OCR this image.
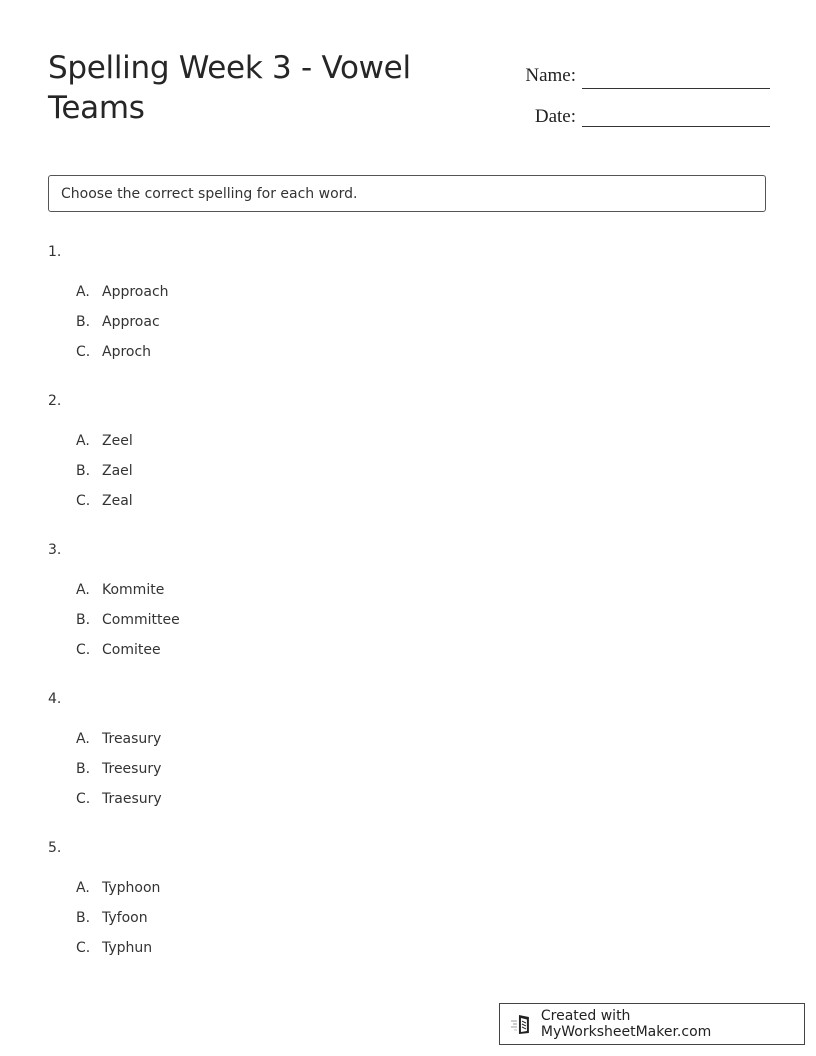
Spelling Week 3 - Vowel Teams
Name:
Date:
Choose the correct spelling for each word.
1.
A. Approach
B. Approac
C. Aproch
2.
A. Zeel
B. Zael
C. Zeal
3.
A. Kommite
B. Committee
C. Comitee
4.
A. Treasury
B. Treesury
C. Traesury
5.
A. Typhoon
B. Tyfoon
C. Typhun
Created with MyWorksheetMaker.com
